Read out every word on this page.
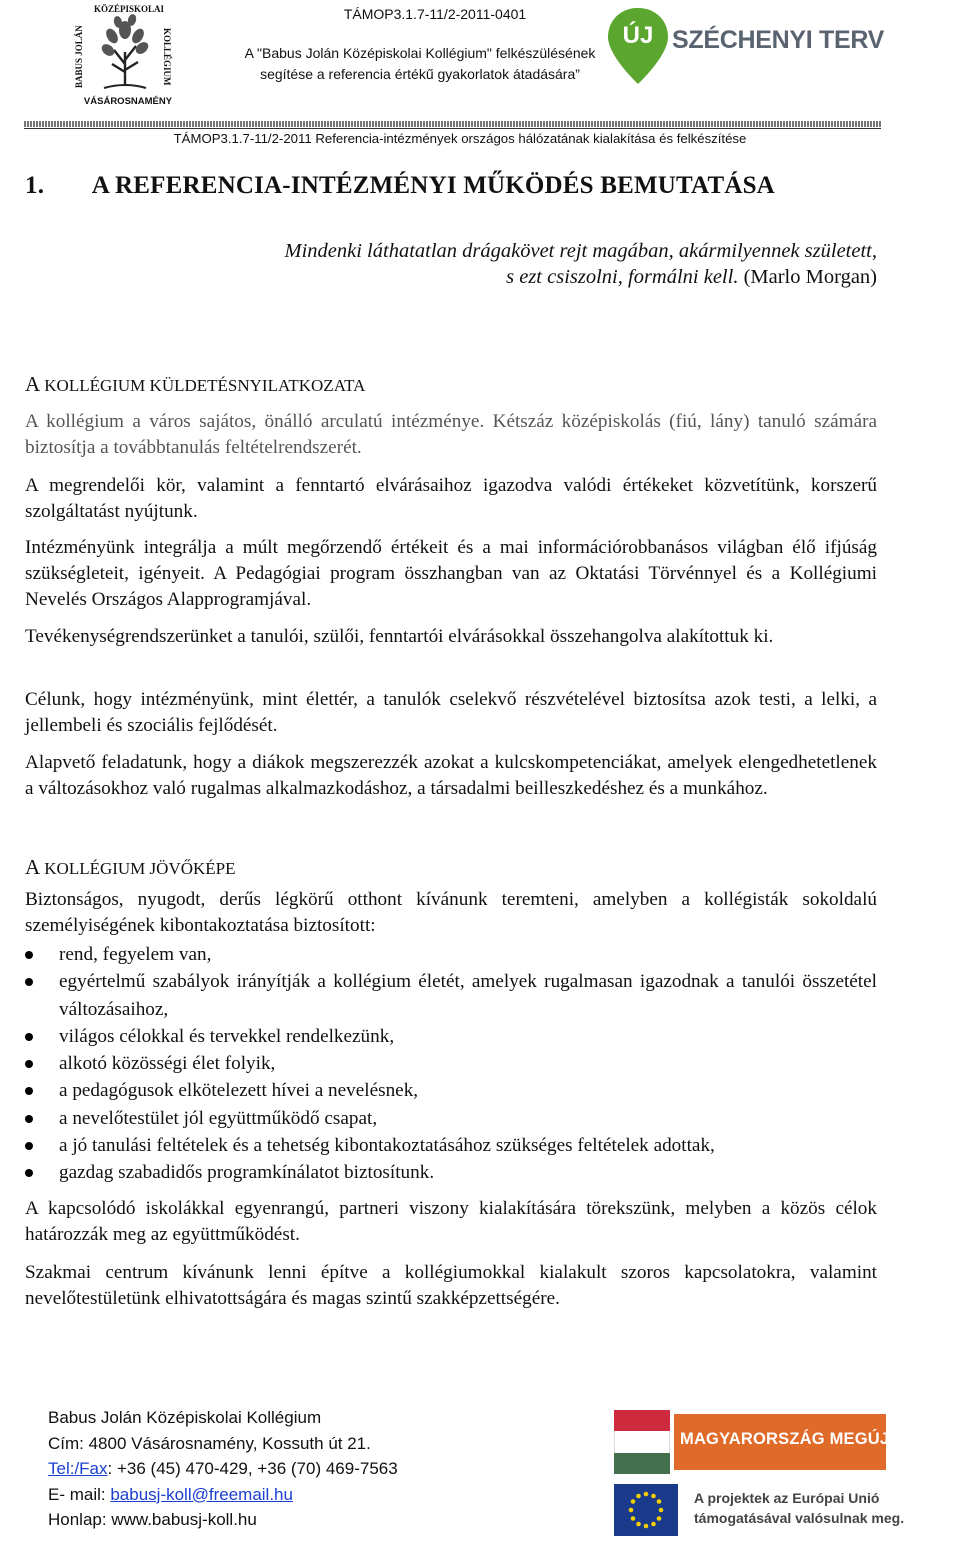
VÁSÁROSNAMÉNY
BABUS JOLÁN	KOLLÉGIUM
KÖZÉPISKOLAI	TÁMOP3.1.7-11/2-2011-0401
A "Babus Jolán Középiskolai Kollégium" felkészülésének
segítése a referencia értékű gyakorlatok átadására”
ÚJ SZÉCHENYI TERV
TÁMOP3.1.7-11/2-2011 Referencia-intézmények országos hálózatának kialakítása és felkészítése
1. A REFERENCIA-INTÉZMÉNYI MŰKÖDÉS BEMUTATÁSA
Mindenki láthatatlan drágakövet rejt magában, akármilyennek született,
s ezt csiszolni, formálni kell. (Marlo Morgan)
A KOLLÉGIUM KÜLDETÉSNYILATKOZATA
A kollégium a város sajátos, önálló arculatú intézménye. Kétszáz középiskolás (fiú, lány) tanuló számára biztosítja a továbbtanulás feltételrendszerét.
A megrendelői kör, valamint a fenntartó elvárásaihoz igazodva valódi értékeket közvetítünk, korszerű szolgáltatást nyújtunk.
Intézményünk integrálja a múlt megőrzendő értékeit és a mai információrobbanásos világban élő ifjúság szükségleteit, igényeit. A Pedagógiai program összhangban van az Oktatási Törvénnyel és a Kollégiumi Nevelés Országos Alapprogramjával.
Tevékenységrendszerünket a tanulói, szülői, fenntartói elvárásokkal összehangolva alakítottuk ki.
Célunk, hogy intézményünk, mint élettér, a tanulók cselekvő részvételével biztosítsa azok testi, a lelki, a jellembeli és szociális fejlődését.
Alapvető feladatunk, hogy a diákok megszerezzék azokat a kulcskompetenciákat, amelyek elengedhetetlenek a változásokhoz való rugalmas alkalmazkodáshoz, a társadalmi beilleszkedéshez és a munkához.
A KOLLÉGIUM JÖVŐKÉPE
Biztonságos, nyugodt, derűs légkörű otthont kívánunk teremteni, amelyben a kollégisták sokoldalú személyiségének kibontakoztatása biztosított:
rend, fegyelem van,
egyértelmű szabályok irányítják a kollégium életét, amelyek rugalmasan igazodnak a tanulói összetétel változásaihoz,
világos célokkal és tervekkel rendelkezünk,
alkotó közösségi élet folyik,
a pedagógusok elkötelezett hívei a nevelésnek,
a nevelőtestület jól együttműködő csapat,
a jó tanulási feltételek és a tehetség kibontakoztatásához szükséges feltételek adottak,
gazdag szabadidős programkínálatot biztosítunk.
A kapcsolódó iskolákkal egyenrangú, partneri viszony kialakítására törekszünk, melyben a közös célok határozzák meg az együttműködést.
Szakmai centrum kívánunk lenni építve a kollégiumokkal kialakult szoros kapcsolatokra, valamint nevelőtestületünk elhivatottságára és magas szintű szakképzettségére.
Babus Jolán Középiskolai Kollégium
Cím: 4800 Vásárosnamény, Kossuth út 21.
Tel:/Fax: +36 (45) 470-429, +36 (70) 469-7563
E- mail: babusj-koll@freemail.hu
Honlap: www.babusj-koll.hu
MAGYARORSZÁG MEGÚJUL
A projektek az Európai Unió
támogatásával valósulnak meg.
